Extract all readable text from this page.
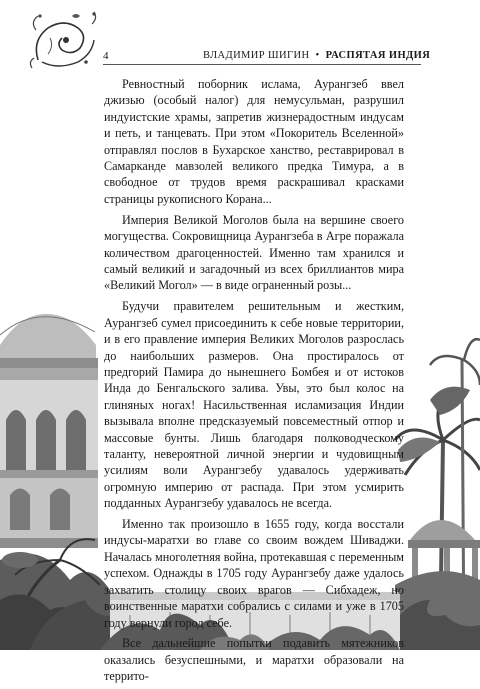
4	ВЛАДИМИР ШИГИН • РАСПЯТАЯ ИНДИЯ

Ревностный поборник ислама, Аурангзеб ввел джизью (особый налог) для немусульман, разрушил индуистские храмы, запретив жизнерадостным индусам и петь, и танцевать. При этом «Покоритель Вселенной» отправлял послов в Бухарское ханство, реставрировал в Самарканде мавзолей великого предка Тимура, а в свободное от трудов время раскрашивал красками страницы рукописного Корана...

Империя Великой Моголов была на вершине своего могущества. Сокровищница Аурангзеба в Агре поражала количеством драгоценностей. Именно там хранился и самый великий и загадочный из всех бриллиантов мира «Великий Могол» — в виде ограненный розы...

Будучи правителем решительным и жестким, Аурангзеб сумел присоединить к себе новые территории, и в его правление империя Великих Моголов разрослась до наибольших размеров. Она простиралось от предгорий Памира до нынешнего Бомбея и от истоков Инда до Бенгальского залива. Увы, это был колос на глиняных ногах! Насильственная исламизация Индии вызывала вполне предсказуемый повсеместный отпор и массовые бунты. Лишь благодаря полководческому таланту, невероятной личной энергии и чудовищным усилиям воли Аурангзебу удавалось удерживать огромную империю от распада. При этом усмирить подданных Аурангзебу удавалось не всегда.

Именно так произошло в 1655 году, когда восстали индусы-маратхи во главе со своим вождем Шиваджи. Началась многолетняя война, протекавшая с переменным успехом. Однажды в 1705 году Аурангзебу даже удалось захватить столицу своих врагов — Сибхадеж, но воинственные маратхи собрались с силами и уже в 1705 году вернули город себе.

Все дальнейшие попытки подавить мятежников оказались безуспешными, и маратхи образовали на террито-
